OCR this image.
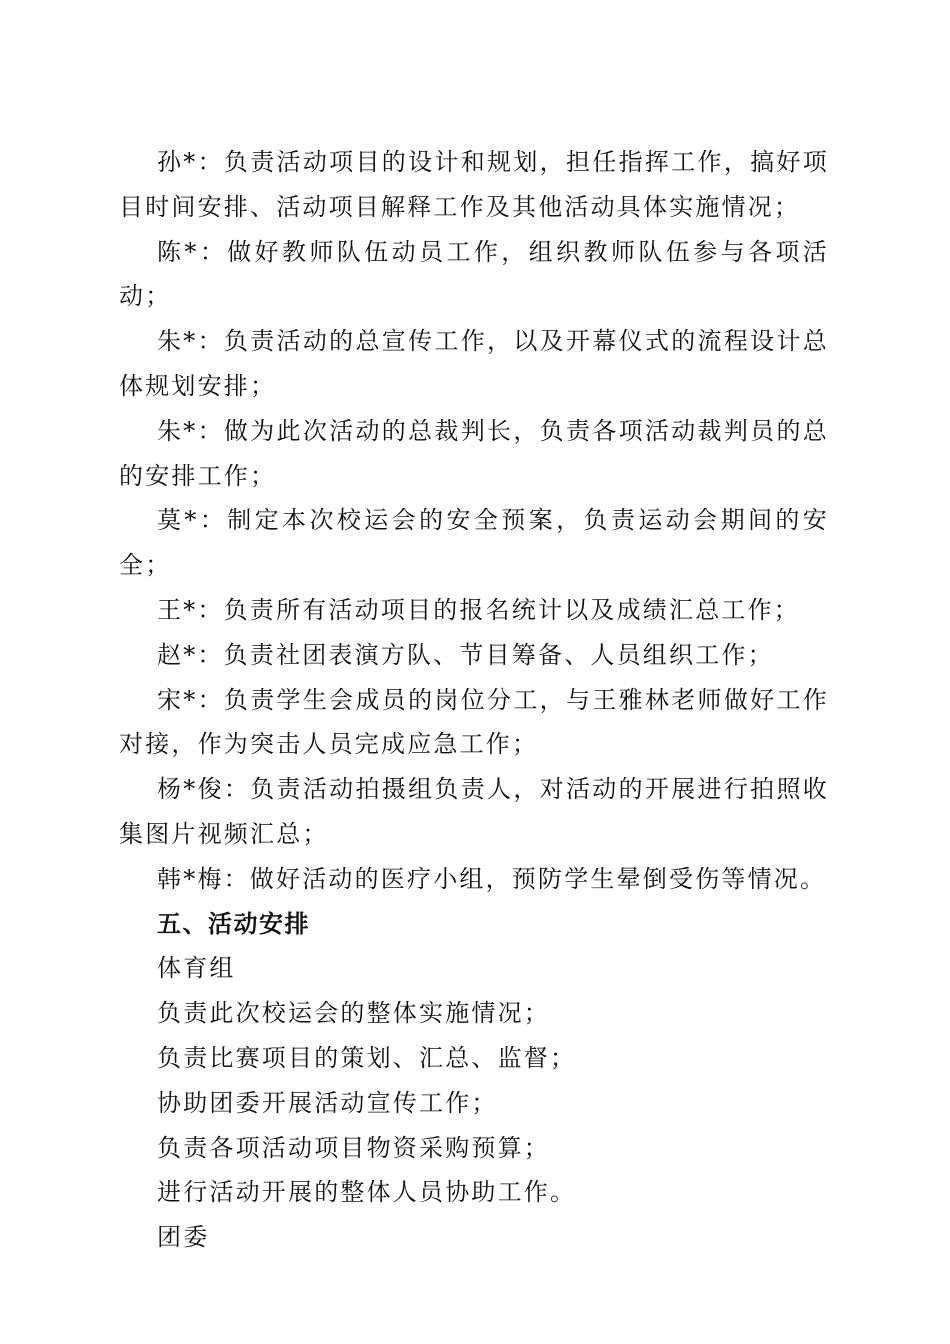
孙*：负责活动项目的设计和规划，担任指挥工作，搞好项目时间安排、活动项目解释工作及其他活动具体实施情况；

陈*：做好教师队伍动员工作，组织教师队伍参与各项活动；

朱*：负责活动的总宣传工作，以及开幕仪式的流程设计总体规划安排；

朱*：做为此次活动的总裁判长，负责各项活动裁判员的总的安排工作；

莫*：制定本次校运会的安全预案，负责运动会期间的安全；

王*：负责所有活动项目的报名统计以及成绩汇总工作；

赵*：负责社团表演方队、节目筹备、人员组织工作；

宋*：负责学生会成员的岗位分工，与王雅林老师做好工作对接，作为突击人员完成应急工作；

杨*俊：负责活动拍摄组负责人，对活动的开展进行拍照收集图片视频汇总；

韩*梅：做好活动的医疗小组，预防学生晕倒受伤等情况。

五、活动安排

体育组

负责此次校运会的整体实施情况；

负责比赛项目的策划、汇总、监督；

协助团委开展活动宣传工作；

负责各项活动项目物资采购预算；

进行活动开展的整体人员协助工作。

团委
